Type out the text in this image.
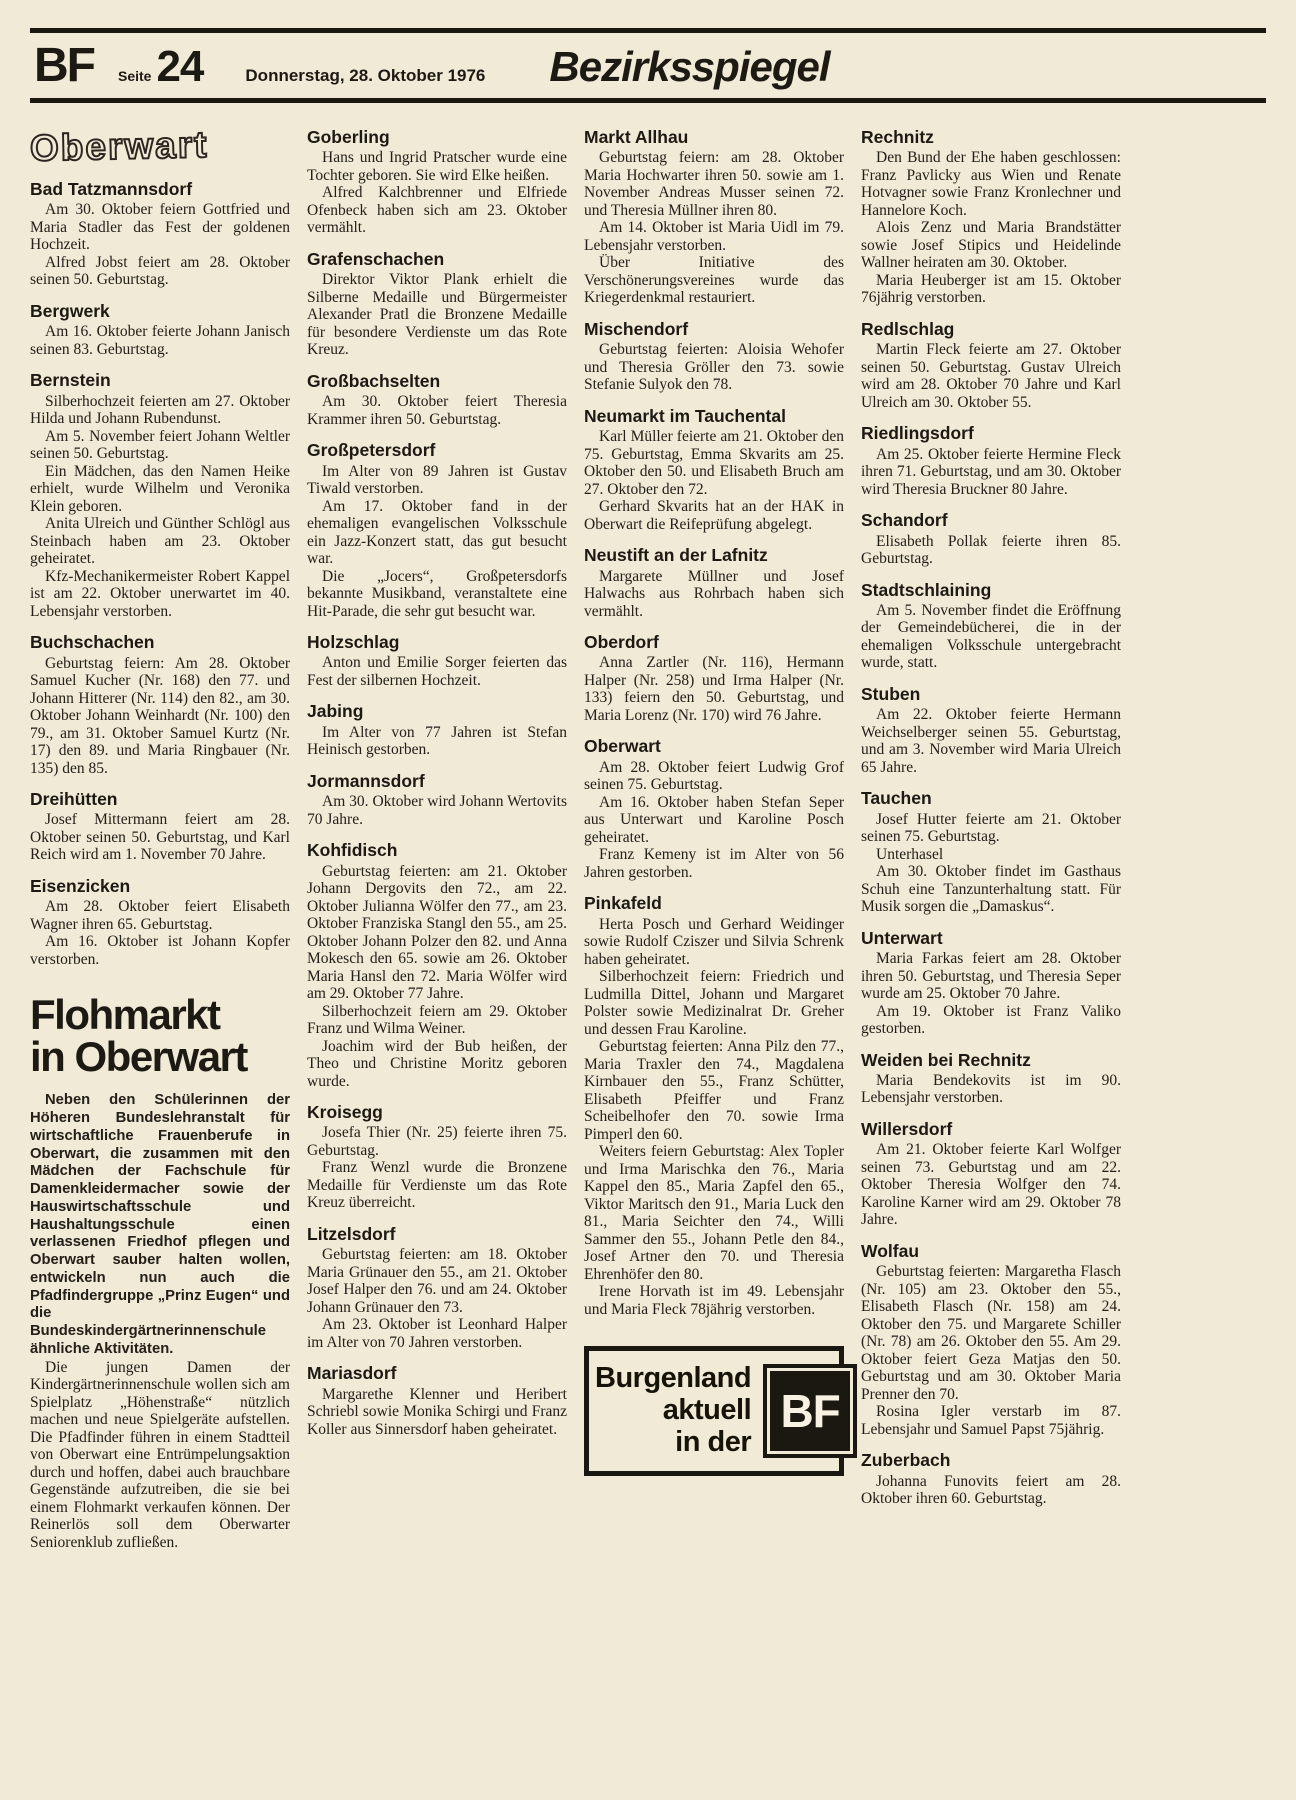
BF Seite 24 Donnerstag, 28. Oktober 1976 Bezirksspiegel
Oberwart
Bad Tatzmannsdorf

Am 30. Oktober feiern Gottfried und Maria Stadler das Fest der goldenen Hochzeit.

Alfred Jobst feiert am 28. Oktober seinen 50. Geburtstag.

Bergwerk

Am 16. Oktober feierte Johann Janisch seinen 83. Geburtstag.

Bernstein

Silberhochzeit feierten am 27. Oktober Hilda und Johann Rubendunst.

Am 5. November feiert Johann Weltler seinen 50. Geburtstag.

Ein Mädchen, das den Namen Heike erhielt, wurde Wilhelm und Veronika Klein geboren.

Anita Ulreich und Günther Schlögl aus Steinbach haben am 23. Oktober geheiratet.

Kfz-Mechanikermeister Robert Kappel ist am 22. Oktober unerwartet im 40. Lebensjahr verstorben.

Buchschachen

Geburtstag feiern: Am 28. Oktober Samuel Kucher (Nr. 168) den 77. und Johann Hitterer (Nr. 114) den 82., am 30. Oktober Johann Weinhardt (Nr. 100) den 79., am 31. Oktober Samuel Kurtz (Nr. 17) den 89. und Maria Ringbauer (Nr. 135) den 85.

Dreihütten

Josef Mittermann feiert am 28. Oktober seinen 50. Geburtstag, und Karl Reich wird am 1. November 70 Jahre.

Eisenzicken

Am 28. Oktober feiert Elisabeth Wagner ihren 65. Geburtstag.

Am 16. Oktober ist Johann Kopfer verstorben.

Flohmarkt
in Oberwart

Neben den Schülerinnen der Höheren Bundeslehranstalt für wirtschaftliche Frauenberufe in Oberwart, die zusammen mit den Mädchen der Fachschule für Damenkleidermacher sowie der Hauswirtschaftsschule und Haushaltungsschule einen verlassenen Friedhof pflegen und Oberwart sauber halten wollen, entwickeln nun auch die Pfadfindergruppe „Prinz Eugen“ und die Bundeskindergärtnerinnenschule ähnliche Aktivitäten.

Die jungen Damen der Kindergärtnerinnenschule wollen sich am Spielplatz „Höhenstraße“ nützlich machen und neue Spielgeräte aufstellen. Die Pfadfinder führen in einem Stadtteil von Oberwart eine Entrümpelungsaktion durch und hoffen, dabei auch brauchbare Gegenstände aufzutreiben, die sie bei einem Flohmarkt verkaufen können. Der Reinerlös soll dem Oberwarter Seniorenklub zufließen.

Goberling

Hans und Ingrid Pratscher wurde eine Tochter geboren. Sie wird Elke heißen.

Alfred Kalchbrenner und Elfriede Ofenbeck haben sich am 23. Oktober vermählt.

Grafenschachen

Direktor Viktor Plank erhielt die Silberne Medaille und Bürgermeister Alexander Pratl die Bronzene Medaille für besondere Verdienste um das Rote Kreuz.

Großbachselten

Am 30. Oktober feiert Theresia Krammer ihren 50. Geburtstag.

Großpetersdorf

Im Alter von 89 Jahren ist Gustav Tiwald verstorben.

Am 17. Oktober fand in der ehemaligen evangelischen Volksschule ein Jazz-Konzert statt, das gut besucht war.

Die „Jocers“, Großpetersdorfs bekannte Musikband, veranstaltete eine Hit-Parade, die sehr gut besucht war.

Holzschlag

Anton und Emilie Sorger feierten das Fest der silbernen Hochzeit.

Jabing

Im Alter von 77 Jahren ist Stefan Heinisch gestorben.

Jormannsdorf

Am 30. Oktober wird Johann Wertovits 70 Jahre.

Kohfidisch

Geburtstag feierten: am 21. Oktober Johann Dergovits den 72., am 22. Oktober Julianna Wölfer den 77., am 23. Oktober Franziska Stangl den 55., am 25. Oktober Johann Polzer den 82. und Anna Mokesch den 65. sowie am 26. Oktober Maria Hansl den 72. Maria Wölfer wird am 29. Oktober 77 Jahre.

Silberhochzeit feiern am 29. Oktober Franz und Wilma Weiner.

Joachim wird der Bub heißen, der Theo und Christine Moritz geboren wurde.

Kroisegg

Josefa Thier (Nr. 25) feierte ihren 75. Geburtstag.

Franz Wenzl wurde die Bronzene Medaille für Verdienste um das Rote Kreuz überreicht.

Litzelsdorf

Geburtstag feierten: am 18. Oktober Maria Grünauer den 55., am 21. Oktober Josef Halper den 76. und am 24. Oktober Johann Grünauer den 73.

Am 23. Oktober ist Leonhard Halper im Alter von 70 Jahren verstorben.

Mariasdorf

Margarethe Klenner und Heribert Schriebl sowie Monika Schirgi und Franz Koller aus Sinnersdorf haben geheiratet.

Markt Allhau

Geburtstag feiern: am 28. Oktober Maria Hochwarter ihren 50. sowie am 1. November Andreas Musser seinen 72. und Theresia Müllner ihren 80.

Am 14. Oktober ist Maria Uidl im 79. Lebensjahr verstorben.

Über Initiative des Verschönerungsvereines wurde das Kriegerdenkmal restauriert.

Mischendorf

Geburtstag feierten: Aloisia Wehofer und Theresia Gröller den 73. sowie Stefanie Sulyok den 78.

Neumarkt im Tauchental

Karl Müller feierte am 21. Oktober den 75. Geburtstag, Emma Skvarits am 25. Oktober den 50. und Elisabeth Bruch am 27. Oktober den 72.

Gerhard Skvarits hat an der HAK in Oberwart die Reifeprüfung abgelegt.

Neustift an der Lafnitz

Margarete Müllner und Josef Halwachs aus Rohrbach haben sich vermählt.

Oberdorf

Anna Zartler (Nr. 116), Hermann Halper (Nr. 258) und Irma Halper (Nr. 133) feiern den 50. Geburtstag, und Maria Lorenz (Nr. 170) wird 76 Jahre.

Oberwart

Am 28. Oktober feiert Ludwig Grof seinen 75. Geburtstag.

Am 16. Oktober haben Stefan Seper aus Unterwart und Karoline Posch geheiratet.

Franz Kemeny ist im Alter von 56 Jahren gestorben.

Pinkafeld

Herta Posch und Gerhard Weidinger sowie Rudolf Cziszer und Silvia Schrenk haben geheiratet.

Silberhochzeit feiern: Friedrich und Ludmilla Dittel, Johann und Margaret Polster sowie Medizinalrat Dr. Greher und dessen Frau Karoline.

Geburtstag feierten: Anna Pilz den 77., Maria Traxler den 74., Magdalena Kirnbauer den 55., Franz Schütter, Elisabeth Pfeiffer und Franz Scheibelhofer den 70. sowie Irma Pimperl den 60.

Weiters feiern Geburtstag: Alex Topler und Irma Marischka den 76., Maria Kappel den 85., Maria Zapfel den 65., Viktor Maritsch den 91., Maria Luck den 81., Maria Seichter den 74., Willi Sammer den 55., Johann Petle den 84., Josef Artner den 70. und Theresia Ehrenhöfer den 80.

Irene Horvath ist im 49. Lebensjahr und Maria Fleck 78jährig verstorben.

Burgenland
aktuell
in der
BF
Rechnitz

Den Bund der Ehe haben geschlossen: Franz Pavlicky aus Wien und Renate Hotvagner sowie Franz Kronlechner und Hannelore Koch.

Alois Zenz und Maria Brandstätter sowie Josef Stipics und Heidelinde Wallner heiraten am 30. Oktober.

Maria Heuberger ist am 15. Oktober 76jährig verstorben.

Redlschlag

Martin Fleck feierte am 27. Oktober seinen 50. Geburtstag. Gustav Ulreich wird am 28. Oktober 70 Jahre und Karl Ulreich am 30. Oktober 55.

Riedlingsdorf

Am 25. Oktober feierte Hermine Fleck ihren 71. Geburtstag, und am 30. Oktober wird Theresia Bruckner 80 Jahre.

Schandorf

Elisabeth Pollak feierte ihren 85. Geburtstag.

Stadtschlaining

Am 5. November findet die Eröffnung der Gemeindebücherei, die in der ehemaligen Volksschule untergebracht wurde, statt.

Stuben

Am 22. Oktober feierte Hermann Weichselberger seinen 55. Geburtstag, und am 3. November wird Maria Ulreich 65 Jahre.

Tauchen

Josef Hutter feierte am 21. Oktober seinen 75. Geburtstag.

Unterhasel

Am 30. Oktober findet im Gasthaus Schuh eine Tanzunterhaltung statt. Für Musik sorgen die „Damaskus“.

Unterwart

Maria Farkas feiert am 28. Oktober ihren 50. Geburtstag, und Theresia Seper wurde am 25. Oktober 70 Jahre.

Am 19. Oktober ist Franz Valiko gestorben.

Weiden bei Rechnitz

Maria Bendekovits ist im 90. Lebensjahr verstorben.

Willersdorf

Am 21. Oktober feierte Karl Wolfger seinen 73. Geburtstag und am 22. Oktober Theresia Wolfger den 74. Karoline Karner wird am 29. Oktober 78 Jahre.

Wolfau

Geburtstag feierten: Margaretha Flasch (Nr. 105) am 23. Oktober den 55., Elisabeth Flasch (Nr. 158) am 24. Oktober den 75. und Margarete Schiller (Nr. 78) am 26. Oktober den 55. Am 29. Oktober feiert Geza Matjas den 50. Geburtstag und am 30. Oktober Maria Prenner den 70.

Rosina Igler verstarb im 87. Lebensjahr und Samuel Papst 75jährig.

Zuberbach

Johanna Funovits feiert am 28. Oktober ihren 60. Geburtstag.
